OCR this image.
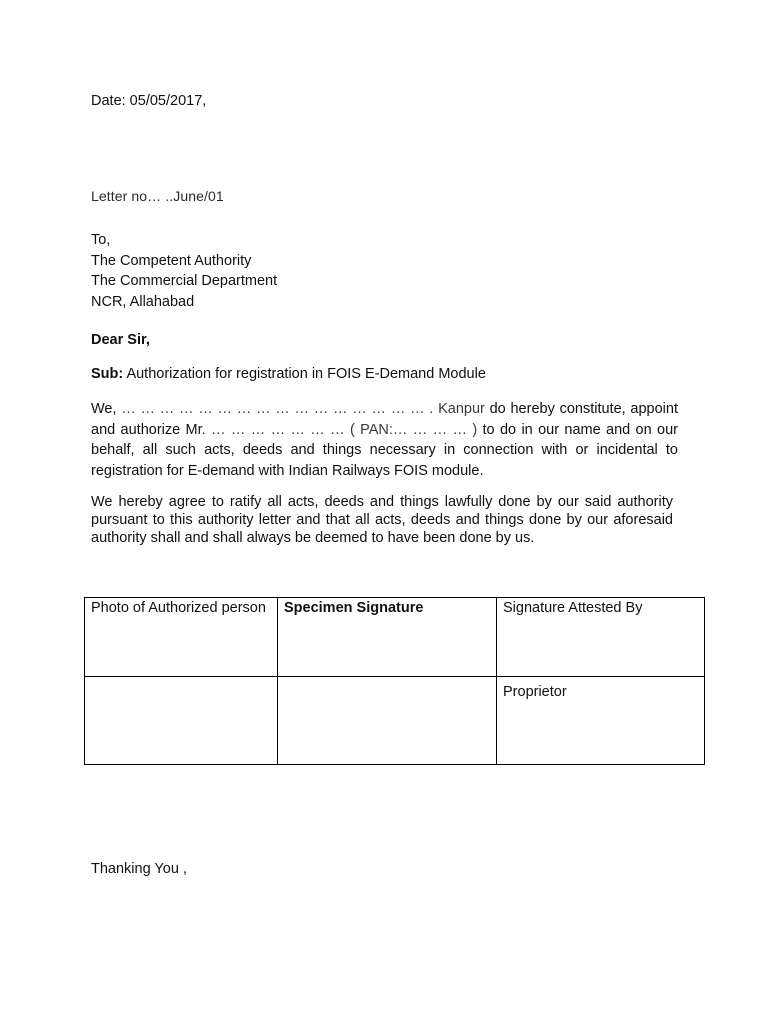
Date: 05/05/2017,
Letter no… ..June/01
To,
The Competent Authority
The Commercial Department
NCR, Allahabad
Dear Sir,
Sub: Authorization for registration in FOIS E-Demand Module
We, … … … … … … … … … … … … … … … … . Kanpur do hereby constitute, appoint and authorize Mr. … … … … … … … ( PAN:… … … … ) to do in our name and on our behalf, all such acts, deeds and things necessary in connection with or incidental to registration for E-demand with Indian Railways FOIS module.
We hereby agree to ratify all acts, deeds and things lawfully done by our said authority pursuant to this authority letter and that all acts, deeds and things done by our aforesaid authority shall and shall always be deemed to have been done by us.
Photo of Authorized person	Specimen Signature	Signature Attested By
		Proprietor
Thanking You ,
